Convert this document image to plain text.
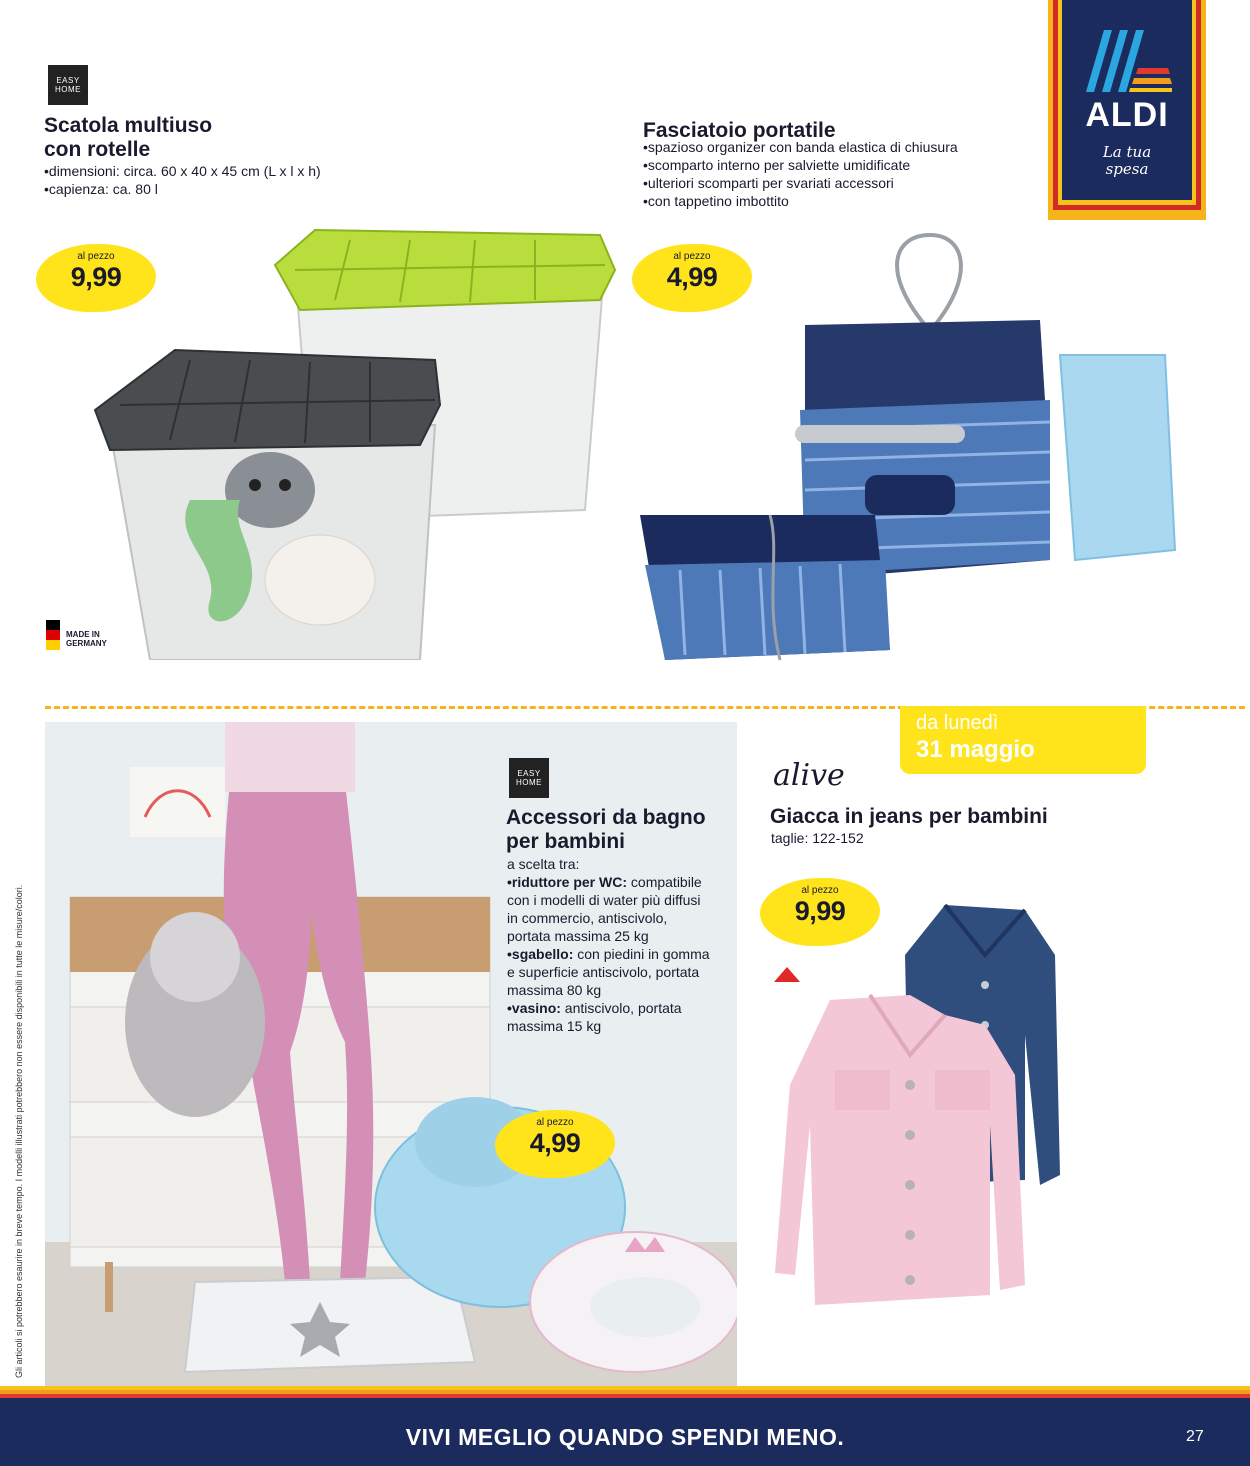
ALDI
La tua
spesa
EASY
HOME
Scatola multiuso
con rotelle
•dimensioni: circa. 60 x 40 x 45 cm (L x l x h)
•capienza: ca. 80 l
al pezzo
9,99
MADE IN
GERMANY
Fasciatoio portatile
•spazioso organizer con banda elastica di chiusura
•scomparto interno per salviette umidificate
•ulteriori scomparti per svariati accessori
•con tappetino imbottito
al pezzo
4,99
EASY
HOME
Accessori da bagno
per bambini
a scelta tra:
•riduttore per WC: compatibile
con i modelli di water più diffusi
in commercio, antiscivolo,
portata massima 25 kg
•sgabello: con piedini in gomma
e superficie antiscivolo, portata
massima 80 kg
•vasino: antiscivolo, portata
massima 15 kg
al pezzo
4,99
da lunedì
31 maggio
alive
Giacca in jeans per bambini
taglie: 122-152
al pezzo
9,99
Gli articoli si potrebbero esaurire in breve tempo. I modelli illustrati potrebbero non essere disponibili in tutte le misure/colori.
VIVI MEGLIO QUANDO SPENDI MENO.	27
